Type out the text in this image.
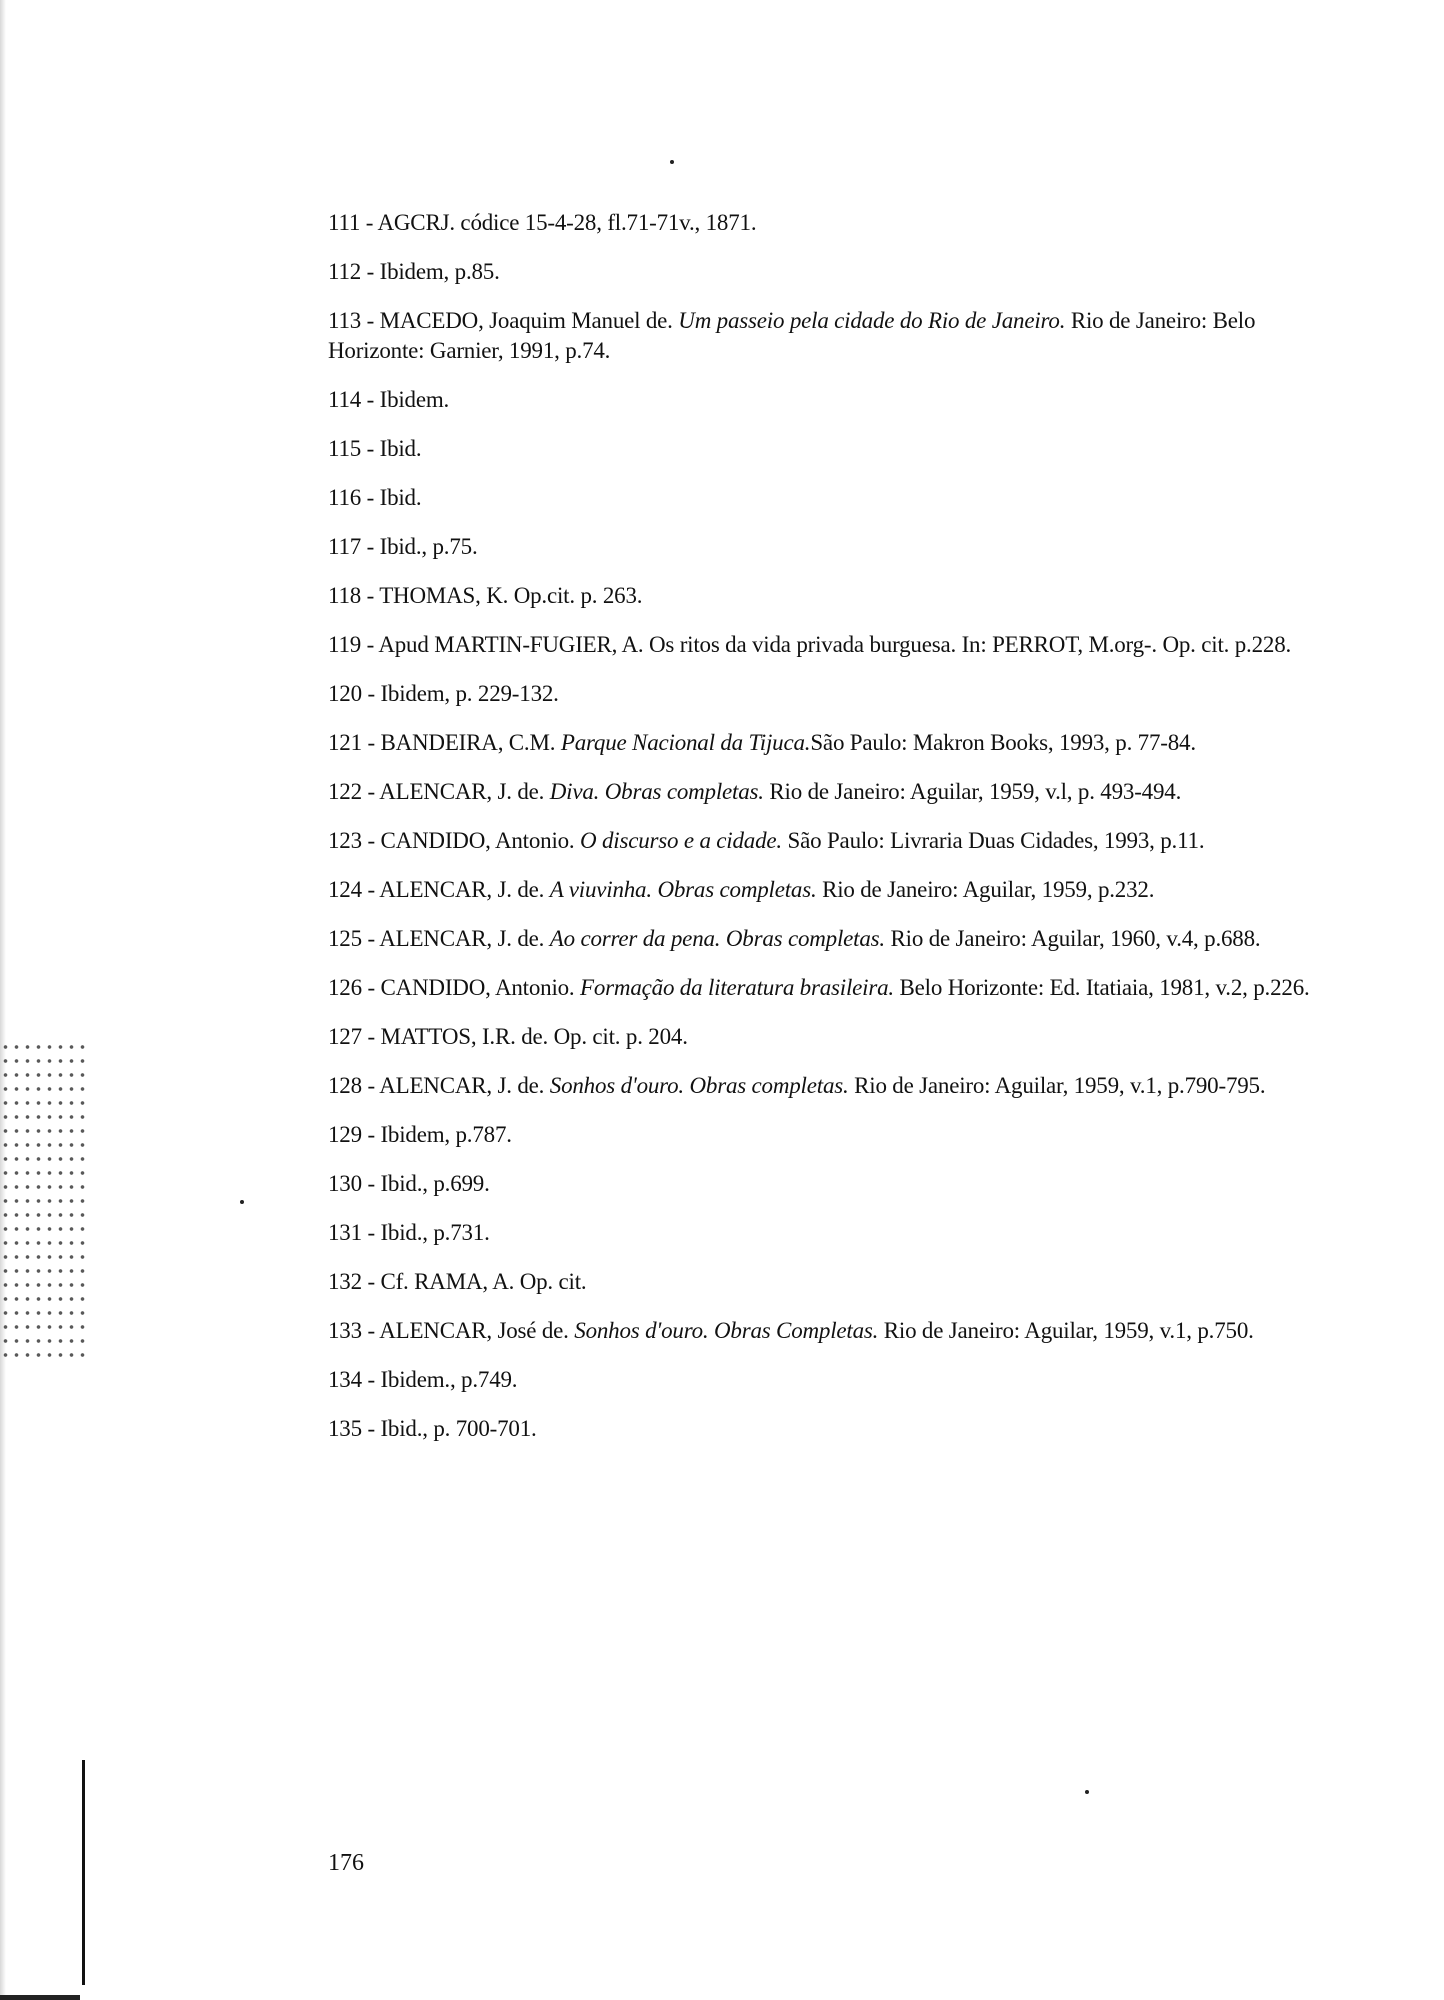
111 - AGCRJ. códice 15-4-28, fl.71-71v., 1871.
112 - Ibidem, p.85.
113 - MACEDO, Joaquim Manuel de. Um passeio pela cidade do Rio de Janeiro. Rio de Janeiro: Belo Horizonte: Garnier, 1991, p.74.
114 - Ibidem.
115 - Ibid.
116 - Ibid.
117 - Ibid., p.75.
118 - THOMAS, K. Op.cit. p. 263.
119 - Apud MARTIN-FUGIER, A. Os ritos da vida privada burguesa. In: PERROT, M.org-. Op. cit. p.228.
120 - Ibidem, p. 229-132.
121 - BANDEIRA, C.M. Parque Nacional da Tijuca.São Paulo: Makron Books, 1993, p. 77-84.
122 - ALENCAR, J. de. Diva. Obras completas. Rio de Janeiro: Aguilar, 1959, v.l, p. 493-494.
123 - CANDIDO, Antonio. O discurso e a cidade. São Paulo: Livraria Duas Cidades, 1993, p.11.
124 - ALENCAR, J. de. A viuvinha. Obras completas. Rio de Janeiro: Aguilar, 1959, p.232.
125 - ALENCAR, J. de. Ao correr da pena. Obras completas. Rio de Janeiro: Aguilar, 1960, v.4, p.688.
126 - CANDIDO, Antonio. Formação da literatura brasileira. Belo Horizonte: Ed. Itatiaia, 1981, v.2, p.226.
127 - MATTOS, I.R. de. Op. cit. p. 204.
128 - ALENCAR, J. de. Sonhos d'ouro. Obras completas. Rio de Janeiro: Aguilar, 1959, v.1, p.790-795.
129 - Ibidem, p.787.
130 - Ibid., p.699.
131 - Ibid., p.731.
132 - Cf. RAMA, A. Op. cit.
133 - ALENCAR, José de. Sonhos d'ouro. Obras Completas. Rio de Janeiro: Aguilar, 1959, v.1, p.750.
134 - Ibidem., p.749.
135 - Ibid., p. 700-701.
176
